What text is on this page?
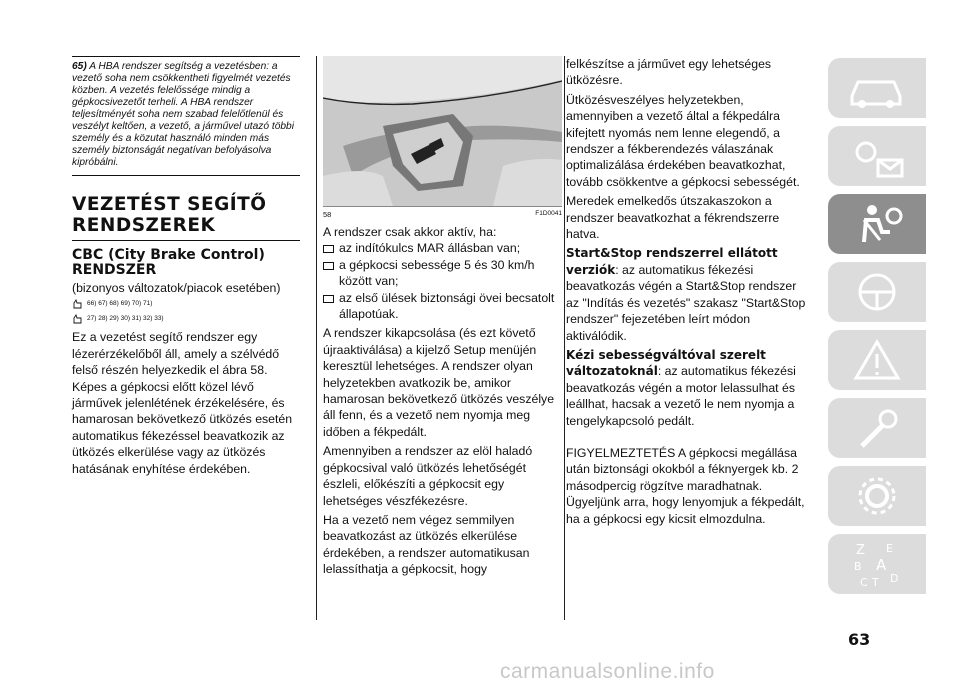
65) A HBA rendszer segítség a vezetésben: a vezető soha nem csökkentheti figyelmét vezetés közben. A vezetés felelőssége mindig a gépkocsivezetőt terheli. A HBA rendszer teljesítményét soha nem szabad felelőtlenül és veszélyt keltően, a vezető, a járművel utazó többi személy és a közutat használó minden más személy biztonságát negatívan befolyásolva kipróbálni.
VEZETÉST SEGÍTŐ RENDSZEREK
CBC (City Brake Control) RENDSZER

(bizonyos változatok/piacok esetében)

66) 67) 68) 69) 70) 71)
27) 28) 29) 30) 31) 32) 33)

Ez a vezetést segítő rendszer egy lézerérzékelőből áll, amely a szélvédő felső részén helyezkedik el ábra 58. Képes a gépkocsi előtt közel lévő járművek jelenlétének érzékelésére, és hamarosan bekövetkező ütközés esetén automatikus fékezéssel beavatkozik az ütközés elkerülése vagy az ütközés hatásának enyhítése érdekében.

58	F1D0041

A rendszer csak akkor aktív, ha:

az indítókulcs MAR állásban van;
a gépkocsi sebessége 5 és 30 km/h között van;
az első ülések biztonsági övei becsatolt állapotúak.

A rendszer kikapcsolása (és ezt követő újraaktiválása) a kijelző Setup menüjén keresztül lehetséges. A rendszer olyan helyzetekben avatkozik be, amikor hamarosan bekövetkező ütközés veszélye áll fenn, és a vezető nem nyomja meg időben a fékpedált.

Amennyiben a rendszer az elöl haladó gépkocsival való ütközés lehetőségét észleli, előkészíti a gépkocsit egy lehetséges vészfékezésre.

Ha a vezető nem végez semmilyen beavatkozást az ütközés elkerülése érdekében, a rendszer automatikusan lelassíthatja a gépkocsit, hogy

felkészítse a járművet egy lehetséges ütközésre.

Ütközésveszélyes helyzetekben, amennyiben a vezető által a fékpedálra kifejtett nyomás nem lenne elegendő, a rendszer a fékberendezés válaszának optimalizálása érdekében beavatkozhat, tovább csökkentve a gépkocsi sebességét.

Meredek emelkedős útszakaszokon a rendszer beavatkozhat a fékrendszerre hatva.

Start&Stop rendszerrel ellátott verziók: az automatikus fékezési beavatkozás végén a Start&Stop rendszer az "Indítás és vezetés" szakasz "Start&Stop rendszer" fejezetében leírt módon aktiválódik.

Kézi sebességváltóval szerelt változatoknál: az automatikus fékezési beavatkozás végén a motor lelassulhat és leállhat, hacsak a vezető le nem nyomja a tengelykapcsoló pedált.

FIGYELMEZTETÉS A gépkocsi megállása után biztonsági okokból a féknyergek kb. 2 másodpercig rögzítve maradhatnak. Ügyeljünk arra, hogy lenyomjuk a fékpedált, ha a gépkocsi egy kicsit elmozdulna.

Z E
B A
C T D
63
carmanualsonline.info
